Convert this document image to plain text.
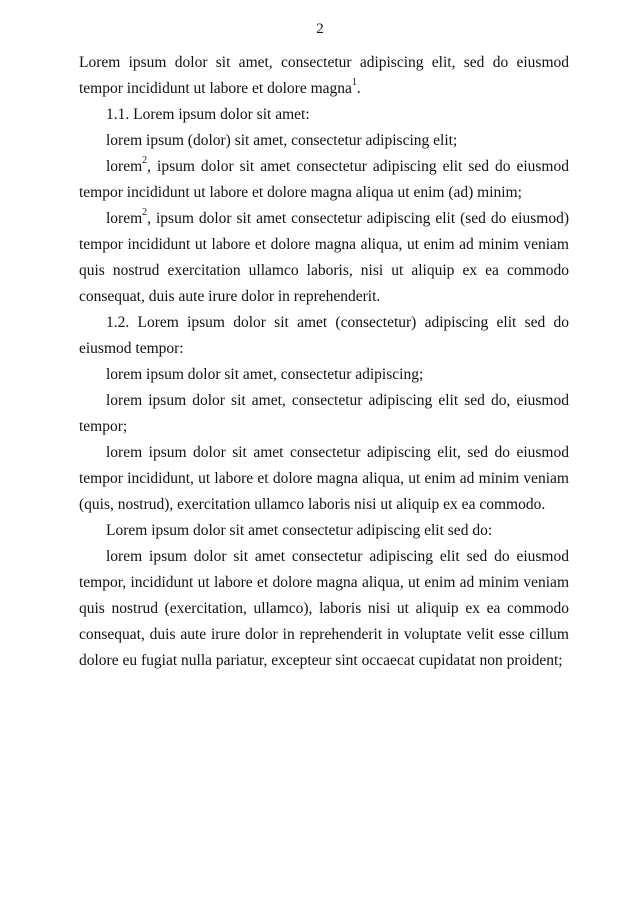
2

Lorem ipsum dolor sit amet, consectetur adipiscing elit, sed do eiusmod tempor incididunt ut labore et dolore magna$^1$.

1.1. Lorem ipsum dolor sit amet:

lorem ipsum (dolor) sit amet, consectetur adipiscing elit;

lorem$^2$, ipsum dolor sit amet consectetur adipiscing elit sed do eiusmod tempor incididunt ut labore et dolore magna aliqua ut enim (ad) minim;

lorem$^2$, ipsum dolor sit amet consectetur adipiscing elit (sed do eiusmod) tempor incididunt ut labore et dolore magna aliqua, ut enim ad minim veniam quis nostrud exercitation ullamco laboris, nisi ut aliquip ex ea commodo consequat, duis aute irure dolor in reprehenderit.

1.2. Lorem ipsum dolor sit amet (consectetur) adipiscing elit sed do eiusmod tempor:

lorem ipsum dolor sit amet, consectetur adipiscing;

lorem ipsum dolor sit amet, consectetur adipiscing elit sed do, eiusmod tempor;

lorem ipsum dolor sit amet consectetur adipiscing elit, sed do eiusmod tempor incididunt, ut labore et dolore magna aliqua, ut enim ad minim veniam (quis, nostrud), exercitation ullamco laboris nisi ut aliquip ex ea commodo.

Lorem ipsum dolor sit amet consectetur adipiscing elit sed do:

lorem ipsum dolor sit amet consectetur adipiscing elit sed do eiusmod tempor, incididunt ut labore et dolore magna aliqua, ut enim ad minim veniam quis nostrud (exercitation, ullamco), laboris nisi ut aliquip ex ea commodo consequat, duis aute irure dolor in reprehenderit in voluptate velit esse cillum dolore eu fugiat nulla pariatur, excepteur sint occaecat cupidatat non proident;
